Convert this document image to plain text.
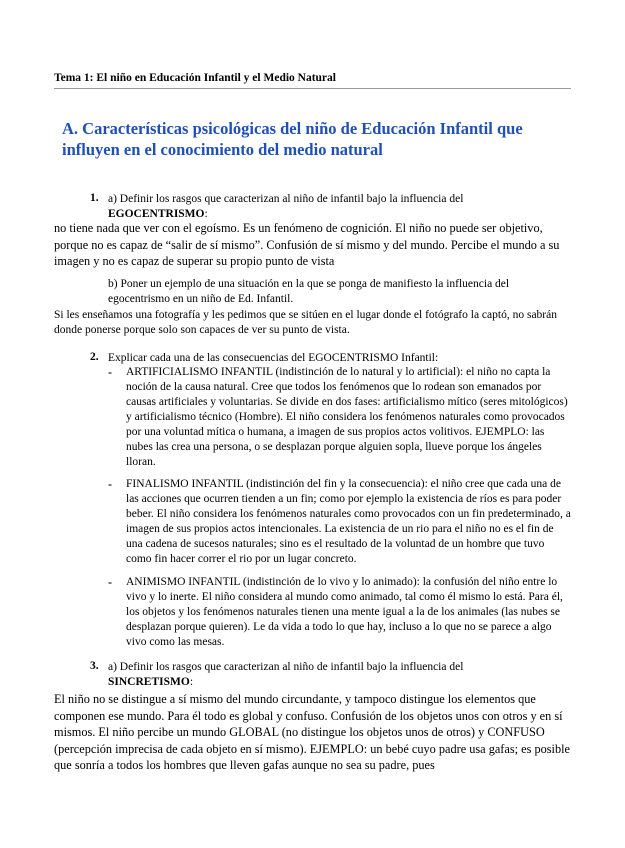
Tema 1: El niño en Educación Infantil y el Medio Natural
A. Características psicológicas del niño de Educación Infantil que influyen en el conocimiento del medio natural
1. a) Definir los rasgos que caracterizan al niño de infantil bajo la influencia del

EGOCENTRISMO:

no tiene nada que ver con el egoísmo. Es un fenómeno de cognición. El niño no puede ser objetivo, porque no es capaz de “salir de sí mismo”. Confusión de sí mismo y del mundo. Percibe el mundo a su imagen y no es capaz de superar su propio punto de vista
b) Poner un ejemplo de una situación en la que se ponga de manifiesto la influencia del egocentrismo en un niño de Ed. Infantil.
Si les enseñamos una fotografía y les pedimos que se sitúen en el lugar donde el fotógrafo la captó, no sabrán donde ponerse porque solo son capaces de ver su punto de vista.
2. Explicar cada una de las consecuencias del EGOCENTRISMO Infantil:
- ARTIFICIALISMO INFANTIL (indistinción de lo natural y lo artificial): el niño no capta la noción de la causa natural. Cree que todos los fenómenos que lo rodean son emanados por causas artificiales y voluntarias. Se divide en dos fases: artificialismo mítico (seres mitológicos) y artificialismo técnico (Hombre). El niño considera los fenómenos naturales como provocados por una voluntad mítica o humana, a imagen de sus propios actos volitivos. EJEMPLO: las nubes las crea una persona, o se desplazan porque alguien sopla, llueve porque los ángeles lloran.
- FINALISMO INFANTIL (indistinción del fin y la consecuencia): el niño cree que cada una de las acciones que ocurren tienden a un fin; como por ejemplo la existencia de ríos es para poder beber. El niño considera los fenómenos naturales como provocados con un fin predeterminado, a imagen de sus propios actos intencionales. La existencia de un rio para el niño no es el fin de una cadena de sucesos naturales; sino es el resultado de la voluntad de un hombre que tuvo como fin hacer correr el rio por un lugar concreto.
- ANIMISMO INFANTIL (indistinción de lo vivo y lo animado): la confusión del niño entre lo vivo y lo inerte. El niño considera al mundo como animado, tal como él mismo lo está. Para él, los objetos y los fenómenos naturales tienen una mente igual a la de los animales (las nubes se desplazan porque quieren). Le da vida a todo lo que hay, incluso a lo que no se parece a algo vivo como las mesas.
3. a) Definir los rasgos que caracterizan al niño de infantil bajo la influencia del

SINCRETISMO:

El niño no se distingue a sí mismo del mundo circundante, y tampoco distingue los elementos que componen ese mundo. Para él todo es global y confuso. Confusión de los objetos unos con otros y en sí mismos. El niño percibe un mundo GLOBAL (no distingue los objetos unos de otros) y CONFUSO (percepción imprecisa de cada objeto en sí mismo). EJEMPLO: un bebé cuyo padre usa gafas; es posible que sonría a todos los hombres que lleven gafas aunque no sea su padre, pues
